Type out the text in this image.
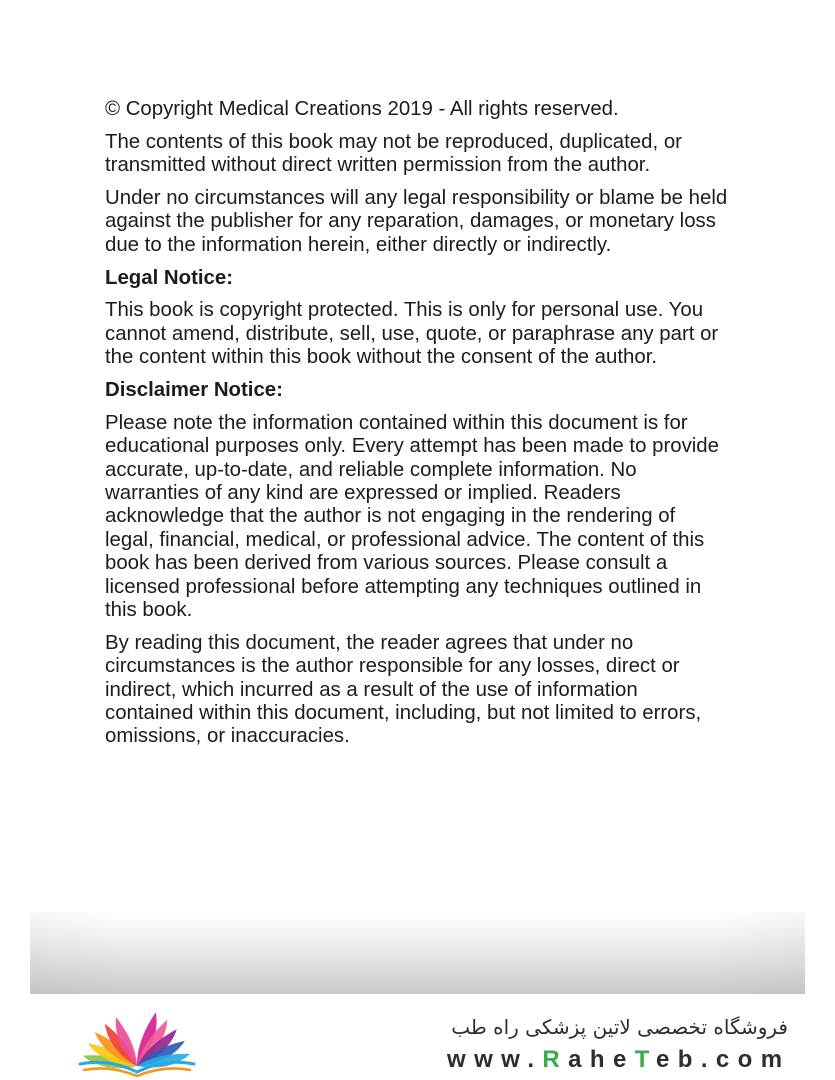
© Copyright Medical Creations 2019 - All rights reserved.

The contents of this book may not be reproduced, duplicated, or
transmitted without direct written permission from the author.

Under no circumstances will any legal responsibility or blame be held
against the publisher for any reparation, damages, or monetary loss
due to the information herein, either directly or indirectly.

Legal Notice:

This book is copyright protected. This is only for personal use. You
cannot amend, distribute, sell, use, quote, or paraphrase any part or
the content within this book without the consent of the author.

Disclaimer Notice:

Please note the information contained within this document is for
educational purposes only. Every attempt has been made to provide
accurate, up-to-date, and reliable complete information. No
warranties of any kind are expressed or implied. Readers
acknowledge that the author is not engaging in the rendering of
legal, financial, medical, or professional advice. The content of this
book has been derived from various sources. Please consult a
licensed professional before attempting any techniques outlined in
this book.

By reading this document, the reader agrees that under no
circumstances is the author responsible for any losses, direct or
indirect, which incurred as a result of the use of information
contained within this document, including, but not limited to errors,
omissions, or inaccuracies.

فروشگاه تخصصی لاتین پزشکی راه طب
www.RaheTeb.com
